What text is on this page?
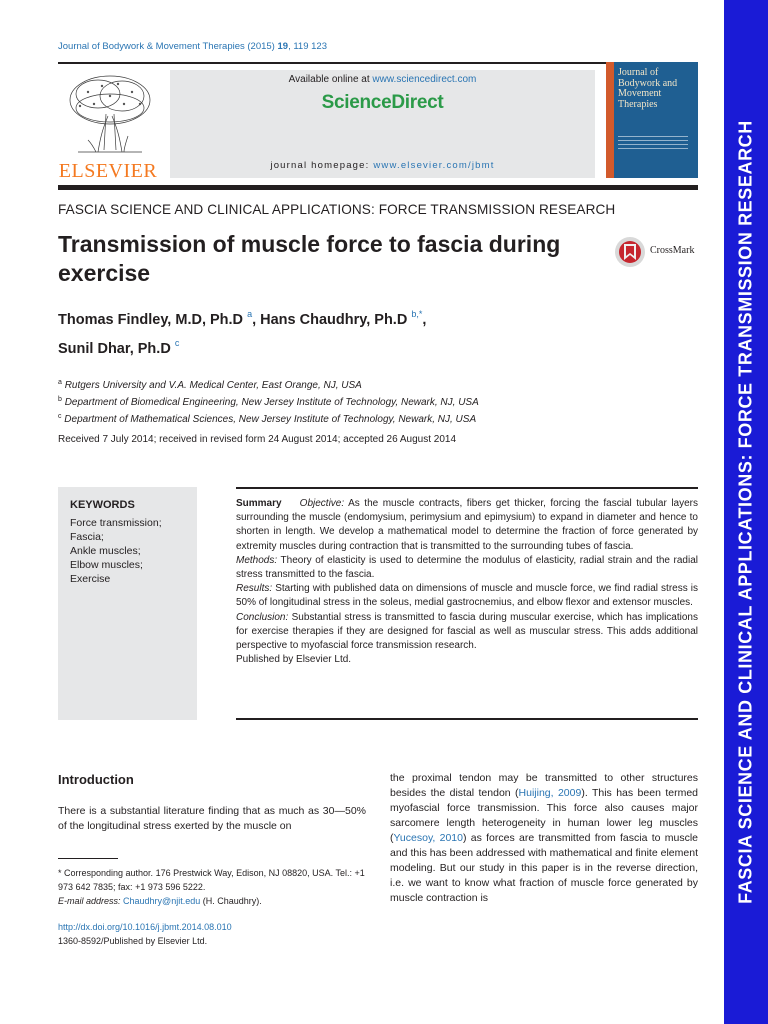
FASCIA SCIENCE AND CLINICAL APPLICATIONS: FORCE TRANSMISSION RESEARCH
Journal of Bodywork & Movement Therapies (2015) 19, 119 123
ELSEVIER
Available online at www.sciencedirect.com
ScienceDirect
journal homepage: www.elsevier.com/jbmt
Journal of Bodywork and Movement Therapies
FASCIA SCIENCE AND CLINICAL APPLICATIONS: FORCE TRANSMISSION RESEARCH
Transmission of muscle force to fascia during exercise
CrossMark
Thomas Findley, M.D, Ph.D $^a$, Hans Chaudhry, Ph.D $^{b,*}$,
Sunil Dhar, Ph.D $^c$
$^a$ Rutgers University and V.A. Medical Center, East Orange, NJ, USA
$^b$ Department of Biomedical Engineering, New Jersey Institute of Technology, Newark, NJ, USA
$^c$ Department of Mathematical Sciences, New Jersey Institute of Technology, Newark, NJ, USA
Received 7 July 2014; received in revised form 24 August 2014; accepted 26 August 2014
KEYWORDS
Force transmission;
Fascia;
Ankle muscles;
Elbow muscles;
Exercise

Summary Objective: As the muscle contracts, fibers get thicker, forcing the fascial tubular layers surrounding the muscle (endomysium, perimysium and epimysium) to expand in diameter and hence to shorten in length. We develop a mathematical model to determine the fraction of force generated by extremity muscles during contraction that is transmitted to the surrounding tubes of fascia.

Methods: Theory of elasticity is used to determine the modulus of elasticity, radial strain and the radial stress transmitted to the fascia.

Results: Starting with published data on dimensions of muscle and muscle force, we find radial stress is 50% of longitudinal stress in the soleus, medial gastrocnemius, and elbow flexor and extensor muscles.

Conclusion: Substantial stress is transmitted to fascia during muscular exercise, which has implications for exercise therapies if they are designed for fascial as well as muscular stress. This adds additional perspective to myofascial force transmission research.

Published by Elsevier Ltd.

Introduction
There is a substantial literature finding that as much as 30—50% of the longitudinal stress exerted by the muscle on
* Corresponding author. 176 Prestwick Way, Edison, NJ 08820, USA. Tel.: +1 973 642 7835; fax: +1 973 596 5222.
E-mail address: Chaudhry@njit.edu (H. Chaudhry).
http://dx.doi.org/10.1016/j.jbmt.2014.08.010
1360-8592/Published by Elsevier Ltd.
the proximal tendon may be transmitted to other structures besides the distal tendon (Huijing, 2009). This has been termed myofascial force transmission. This force also causes major sarcomere length heterogeneity in human lower leg muscles (Yucesoy, 2010) as forces are transmitted from fascia to muscle and this has been addressed with mathematical and finite element modeling. But our study in this paper is in the reverse direction, i.e. we want to know what fraction of muscle force generated by muscle contraction is
